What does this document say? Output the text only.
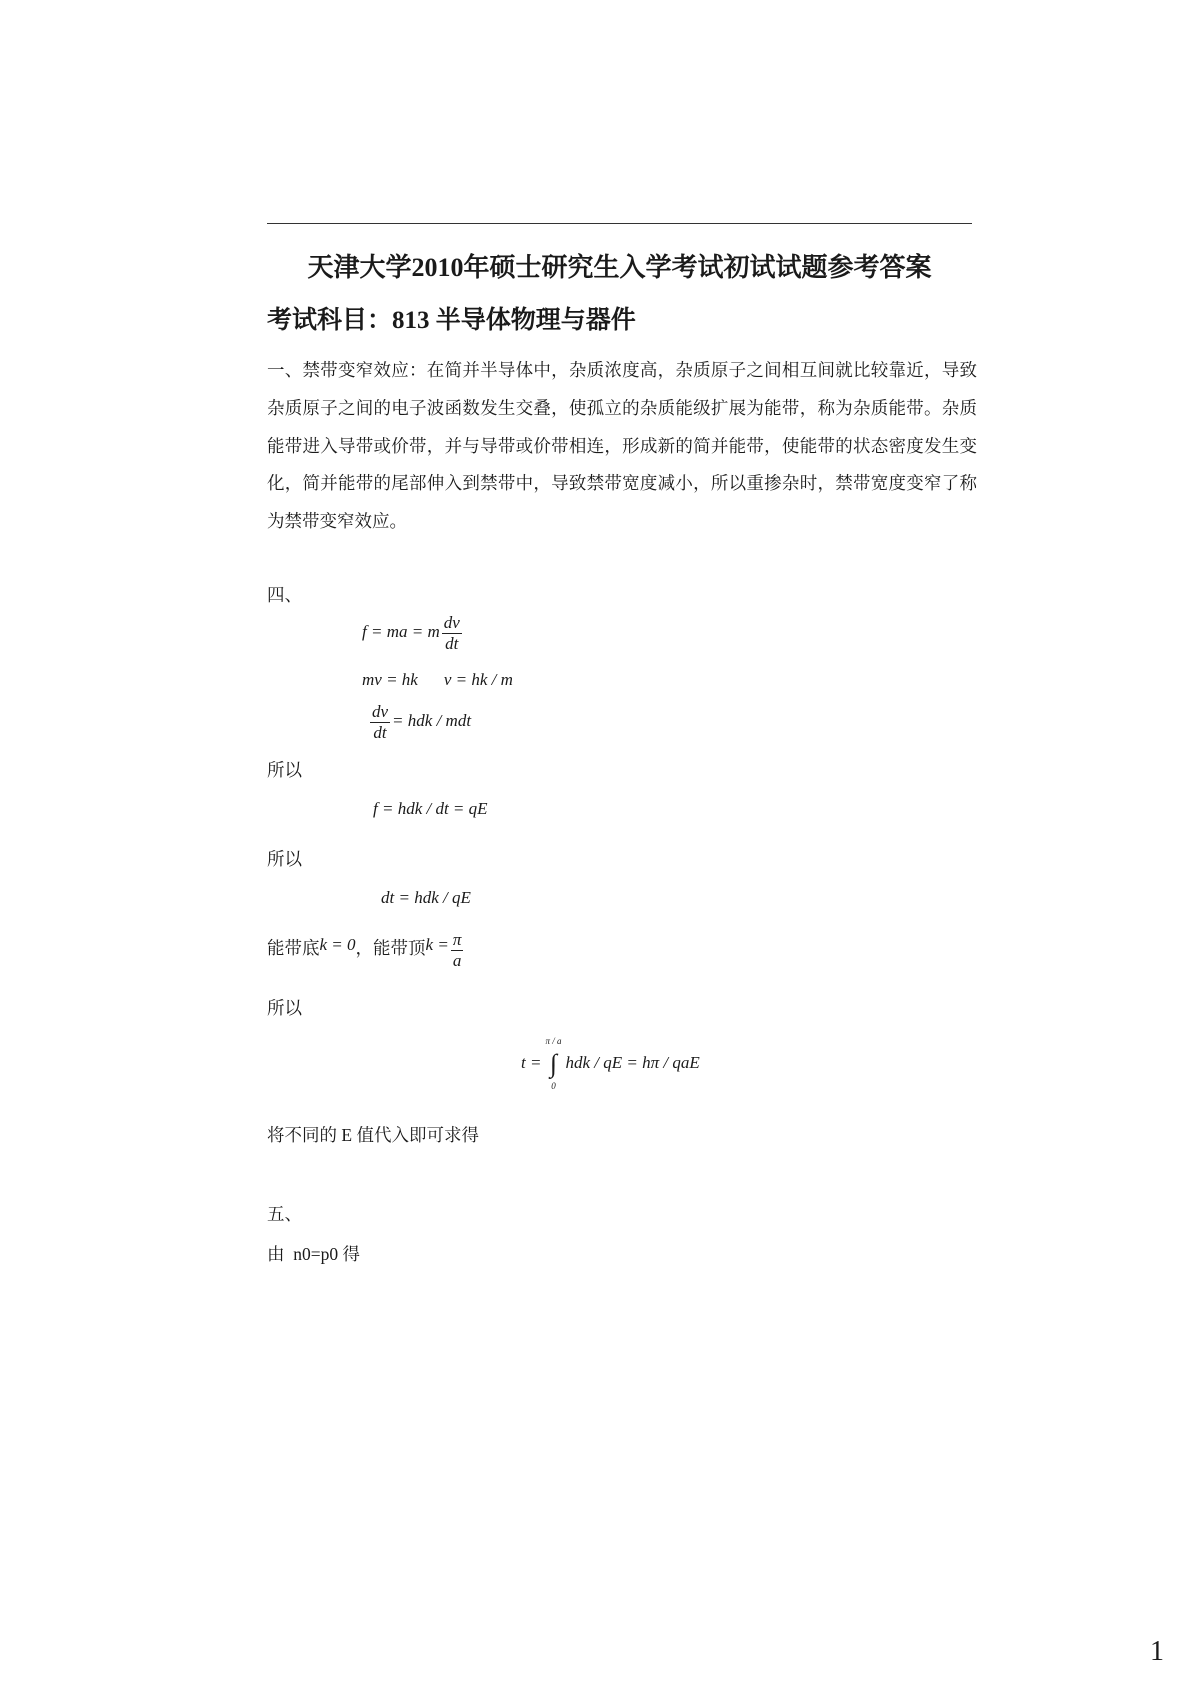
天津大学2010年硕士研究生入学考试初试试题参考答案
考试科目：813 半导体物理与器件
一、禁带变窄效应：在简并半导体中，杂质浓度高，杂质原子之间相互间就比较靠近，导致杂质原子之间的电子波函数发生交叠，使孤立的杂质能级扩展为能带，称为杂质能带。杂质能带进入导带或价带，并与导带或价带相连，形成新的简并能带，使能带的状态密度发生变化，简并能带的尾部伸入到禁带中，导致禁带宽度减小，所以重掺杂时，禁带宽度变窄了称为禁带变窄效应。
四、
f = ma = m $\frac{dv}{dt}$
mv = hk v = hk / m
$\frac{dv}{dt}$ = hdk / mdt
所以
f = hdk / dt = qE
所以
dt = hdk / qE
能带底k = 0，能带顶$k = \frac{\pi}{a}$
所以
t =
π / a
∫
0
hdk / qE = hπ / qaE
将不同的 E 值代入即可求得
五、
由  n0=p0 得
1
